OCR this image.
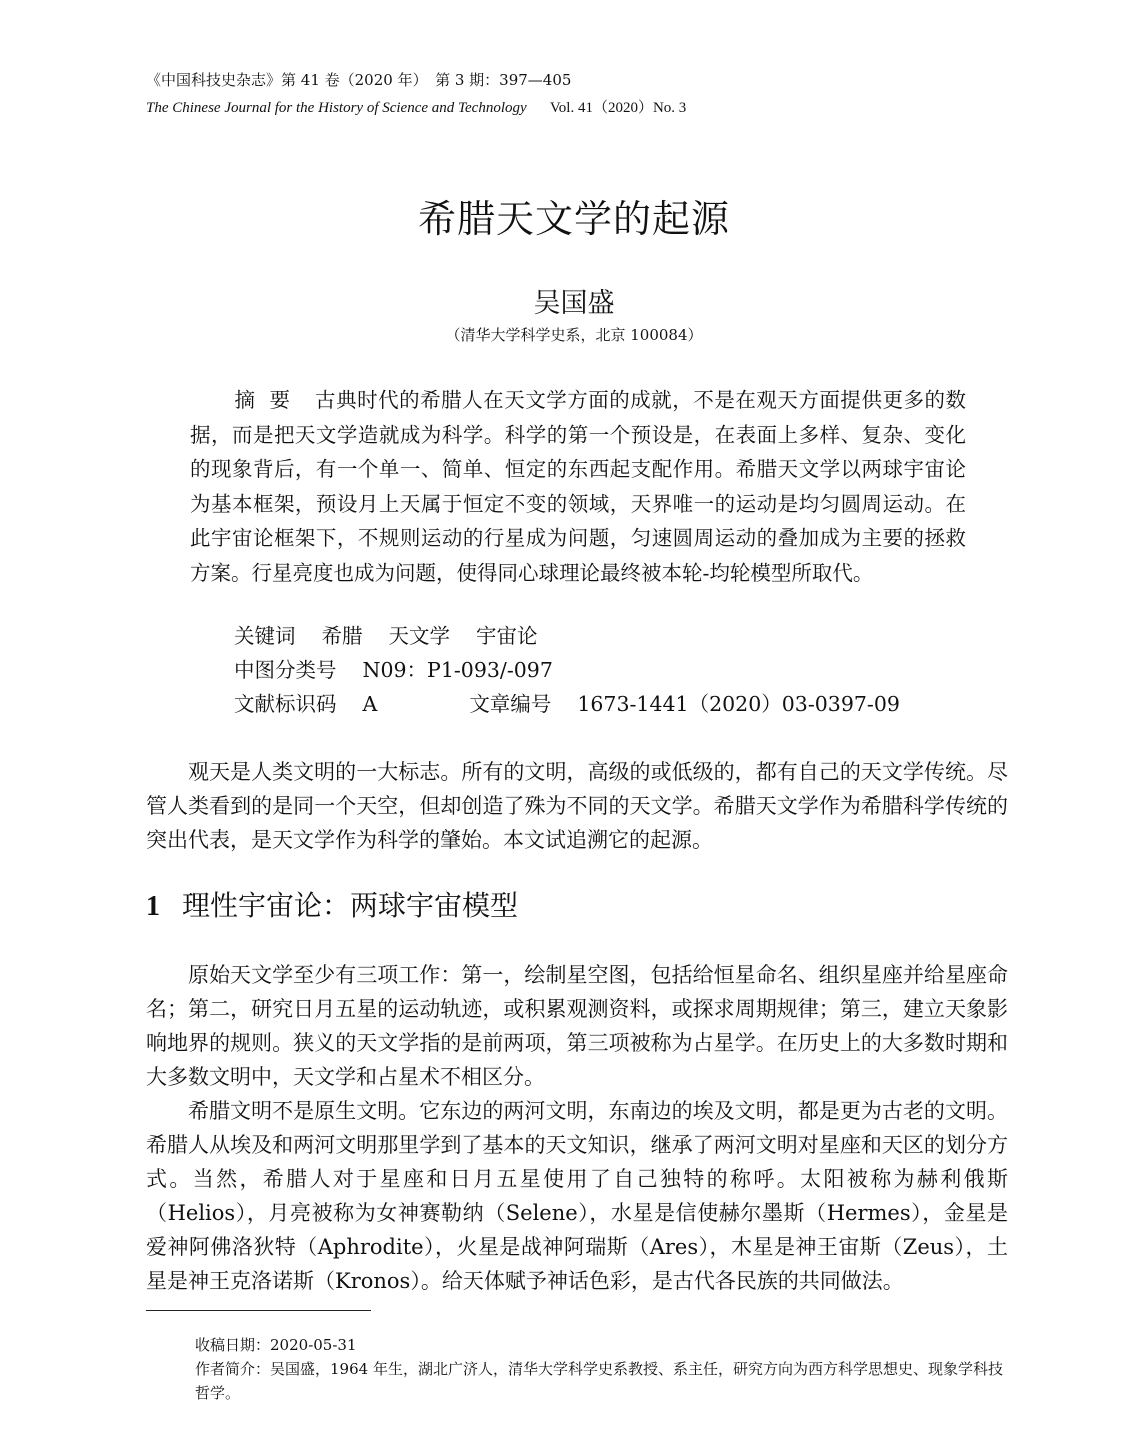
《中国科技史杂志》第 41 卷（2020 年）　第 3 期：397—405
The Chinese Journal for the History of Science and Technology Vol. 41（2020）No. 3
希腊天文学的起源
吴国盛
（清华大学科学史系，北京 100084）
摘要 古典时代的希腊人在天文学方面的成就，不是在观天方面提供更多的数据，而是把天文学造就成为科学。科学的第一个预设是，在表面上多样、复杂、变化的现象背后，有一个单一、简单、恒定的东西起支配作用。希腊天文学以两球宇宙论为基本框架，预设月上天属于恒定不变的领域，天界唯一的运动是均匀圆周运动。在此宇宙论框架下，不规则运动的行星成为问题，匀速圆周运动的叠加成为主要的拯救方案。行星亮度也成为问题，使得同心球理论最终被本轮-均轮模型所取代。
关键词 希腊 天文学 宇宙论
中图分类号 N09：P1-093/-097
文献标识码 A	文章编号 1673-1441（2020）03-0397-09

观天是人类文明的一大标志。所有的文明，高级的或低级的，都有自己的天文学传统。尽管人类看到的是同一个天空，但却创造了殊为不同的天文学。希腊天文学作为希腊科学传统的突出代表，是天文学作为科学的肇始。本文试追溯它的起源。

1 理性宇宙论：两球宇宙模型

原始天文学至少有三项工作：第一，绘制星空图，包括给恒星命名、组织星座并给星座命名；第二，研究日月五星的运动轨迹，或积累观测资料，或探求周期规律；第三，建立天象影响地界的规则。狭义的天文学指的是前两项，第三项被称为占星学。在历史上的大多数时期和大多数文明中，天文学和占星术不相区分。

希腊文明不是原生文明。它东边的两河文明，东南边的埃及文明，都是更为古老的文明。希腊人从埃及和两河文明那里学到了基本的天文知识，继承了两河文明对星座和天区的划分方式。当然，希腊人对于星座和日月五星使用了自己独特的称呼。太阳被称为赫利俄斯（Helios），月亮被称为女神赛勒纳（Selene），水星是信使赫尔墨斯（Hermes），金星是爱神阿佛洛狄特（Aphrodite），火星是战神阿瑞斯（Ares），木星是神王宙斯（Zeus），土星是神王克洛诺斯（Kronos）。给天体赋予神话色彩，是古代各民族的共同做法。

收稿日期：2020-05-31
作者简介：吴国盛，1964 年生，湖北广济人，清华大学科学史系教授、系主任，研究方向为西方科学思想史、现象学科技哲学。
